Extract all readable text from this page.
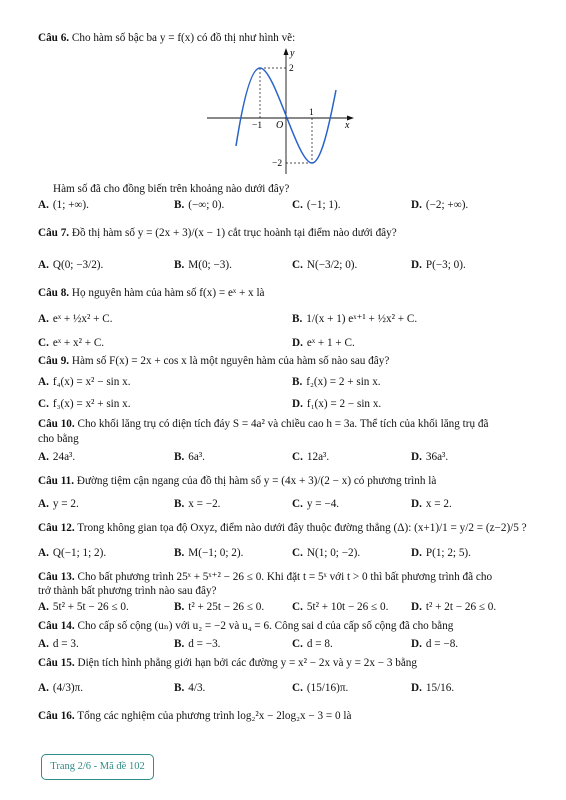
Câu 6. Cho hàm số bậc ba y = f(x) có đồ thị như hình vẽ:
y
x
2
−2
−1
1
O
Hàm số đã cho đồng biến trên khoảng nào dưới đây?
A. (1; +∞).	B. (−∞; 0).	C. (−1; 1).	D. (−2; +∞).
Câu 7. Đồ thị hàm số y = (2x + 3)/(x − 1) cắt trục hoành tại điểm nào dưới đây?
A. Q(0; −3/2).	B. M(0; −3).	C. N(−3/2; 0).	D. P(−3; 0).
Câu 8. Họ nguyên hàm của hàm số f(x) = eˣ + x là
A. eˣ + ½x² + C.	B. 1/(x + 1) eˣ⁺¹ + ½x² + C.
C. eˣ + x² + C.	D. eˣ + 1 + C.
Câu 9. Hàm số F(x) = 2x + cos x là một nguyên hàm của hàm số nào sau đây?
A. f₄(x) = x² − sin x.	B. f₂(x) = 2 + sin x.
C. f₃(x) = x² + sin x.	D. f₁(x) = 2 − sin x.
Câu 10. Cho khối lăng trụ có diện tích đáy S = 4a² và chiều cao h = 3a. Thể tích của khối lăng trụ đã
cho bằng
A. 24a³.	B. 6a³.	C. 12a³.	D. 36a³.
Câu 11. Đường tiệm cận ngang của đồ thị hàm số y = (4x + 3)/(2 − x) có phương trình là
A. y = 2.	B. x = −2.	C. y = −4.	D. x = 2.
Câu 12. Trong không gian tọa độ Oxyz, điểm nào dưới đây thuộc đường thẳng (Δ): (x+1)/1 = y/2 = (z−2)/5 ?
A. Q(−1; 1; 2).	B. M(−1; 0; 2).	C. N(1; 0; −2).	D. P(1; 2; 5).
Câu 13. Cho bất phương trình 25ˣ + 5ˣ⁺² − 26 ≤ 0. Khi đặt t = 5ˣ với t > 0 thì bất phương trình đã cho
trở thành bất phương trình nào sau đây?
A. 5t² + 5t − 26 ≤ 0.	B. t² + 25t − 26 ≤ 0. C. 5t² + 10t − 26 ≤ 0. D. t² + 2t − 26 ≤ 0.
Câu 14. Cho cấp số cộng (uₙ) với u₂ = −2 và u₄ = 6. Công sai d của cấp số cộng đã cho bằng
A. d = 3.	B. d = −3.	C. d = 8.	D. d = −8.
Câu 15. Diện tích hình phẳng giới hạn bởi các đường y = x² − 2x và y = 2x − 3 bằng
A. (4/3)π.	B. 4/3.	C. (15/16)π.	D. 15/16.
Câu 16. Tổng các nghiệm của phương trình log₂²x − 2log₂x − 3 = 0 là
Trang 2/6 - Mã đề 102
